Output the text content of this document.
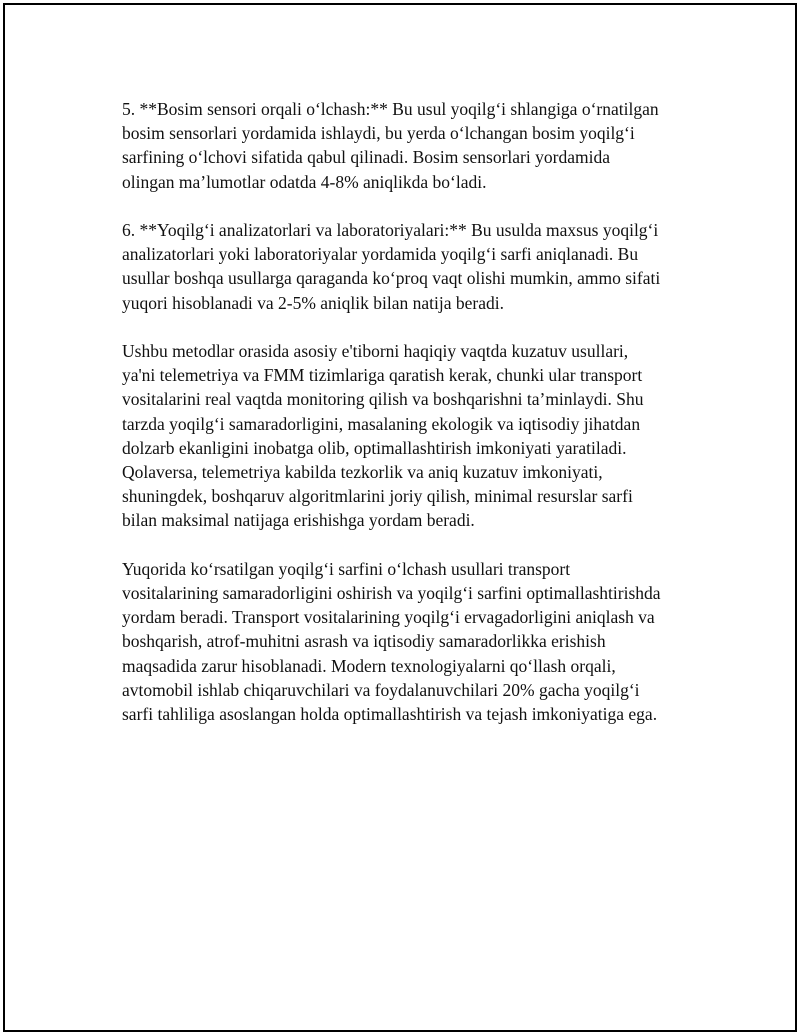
5. **Bosim sensori orqali o‘lchash:** Bu usul yoqilg‘i shlangiga o‘rnatilgan
bosim sensorlari yordamida ishlaydi, bu yerda o‘lchangan bosim yoqilg‘i
sarfining o‘lchovi sifatida qabul qilinadi. Bosim sensorlari yordamida
olingan ma’lumotlar odatda 4-8% aniqlikda bo‘ladi.

6. **Yoqilg‘i analizatorlari va laboratoriyalari:** Bu usulda maxsus yoqilg‘i
analizatorlari yoki laboratoriyalar yordamida yoqilg‘i sarfi aniqlanadi. Bu
usullar boshqa usullarga qaraganda ko‘proq vaqt olishi mumkin, ammo sifati
yuqori hisoblanadi va 2-5% aniqlik bilan natija beradi.

Ushbu metodlar orasida asosiy e'tiborni haqiqiy vaqtda kuzatuv usullari,
ya'ni telemetriya va FMM tizimlariga qaratish kerak, chunki ular transport
vositalarini real vaqtda monitoring qilish va boshqarishni ta’minlaydi. Shu
tarzda yoqilg‘i samaradorligini, masalaning ekologik va iqtisodiy jihatdan
dolzarb ekanligini inobatga olib, optimallashtirish imkoniyati yaratiladi.
Qolaversa, telemetriya kabilda tezkorlik va aniq kuzatuv imkoniyati,
shuningdek, boshqaruv algoritmlarini joriy qilish, minimal resurslar sarfi
bilan maksimal natijaga erishishga yordam beradi.

Yuqorida ko‘rsatilgan yoqilg‘i sarfini o‘lchash usullari transport
vositalarining samaradorligini oshirish va yoqilg‘i sarfini optimallashtirishda
yordam beradi. Transport vositalarining yoqilg‘i ervagadorligini aniqlash va
boshqarish, atrof-muhitni asrash va iqtisodiy samaradorlikka erishish
maqsadida zarur hisoblanadi. Modern texnologiyalarni qo‘llash orqali,
avtomobil ishlab chiqaruvchilari va foydalanuvchilari 20% gacha yoqilg‘i
sarfi tahliliga asoslangan holda optimallashtirish va tejash imkoniyatiga ega.
